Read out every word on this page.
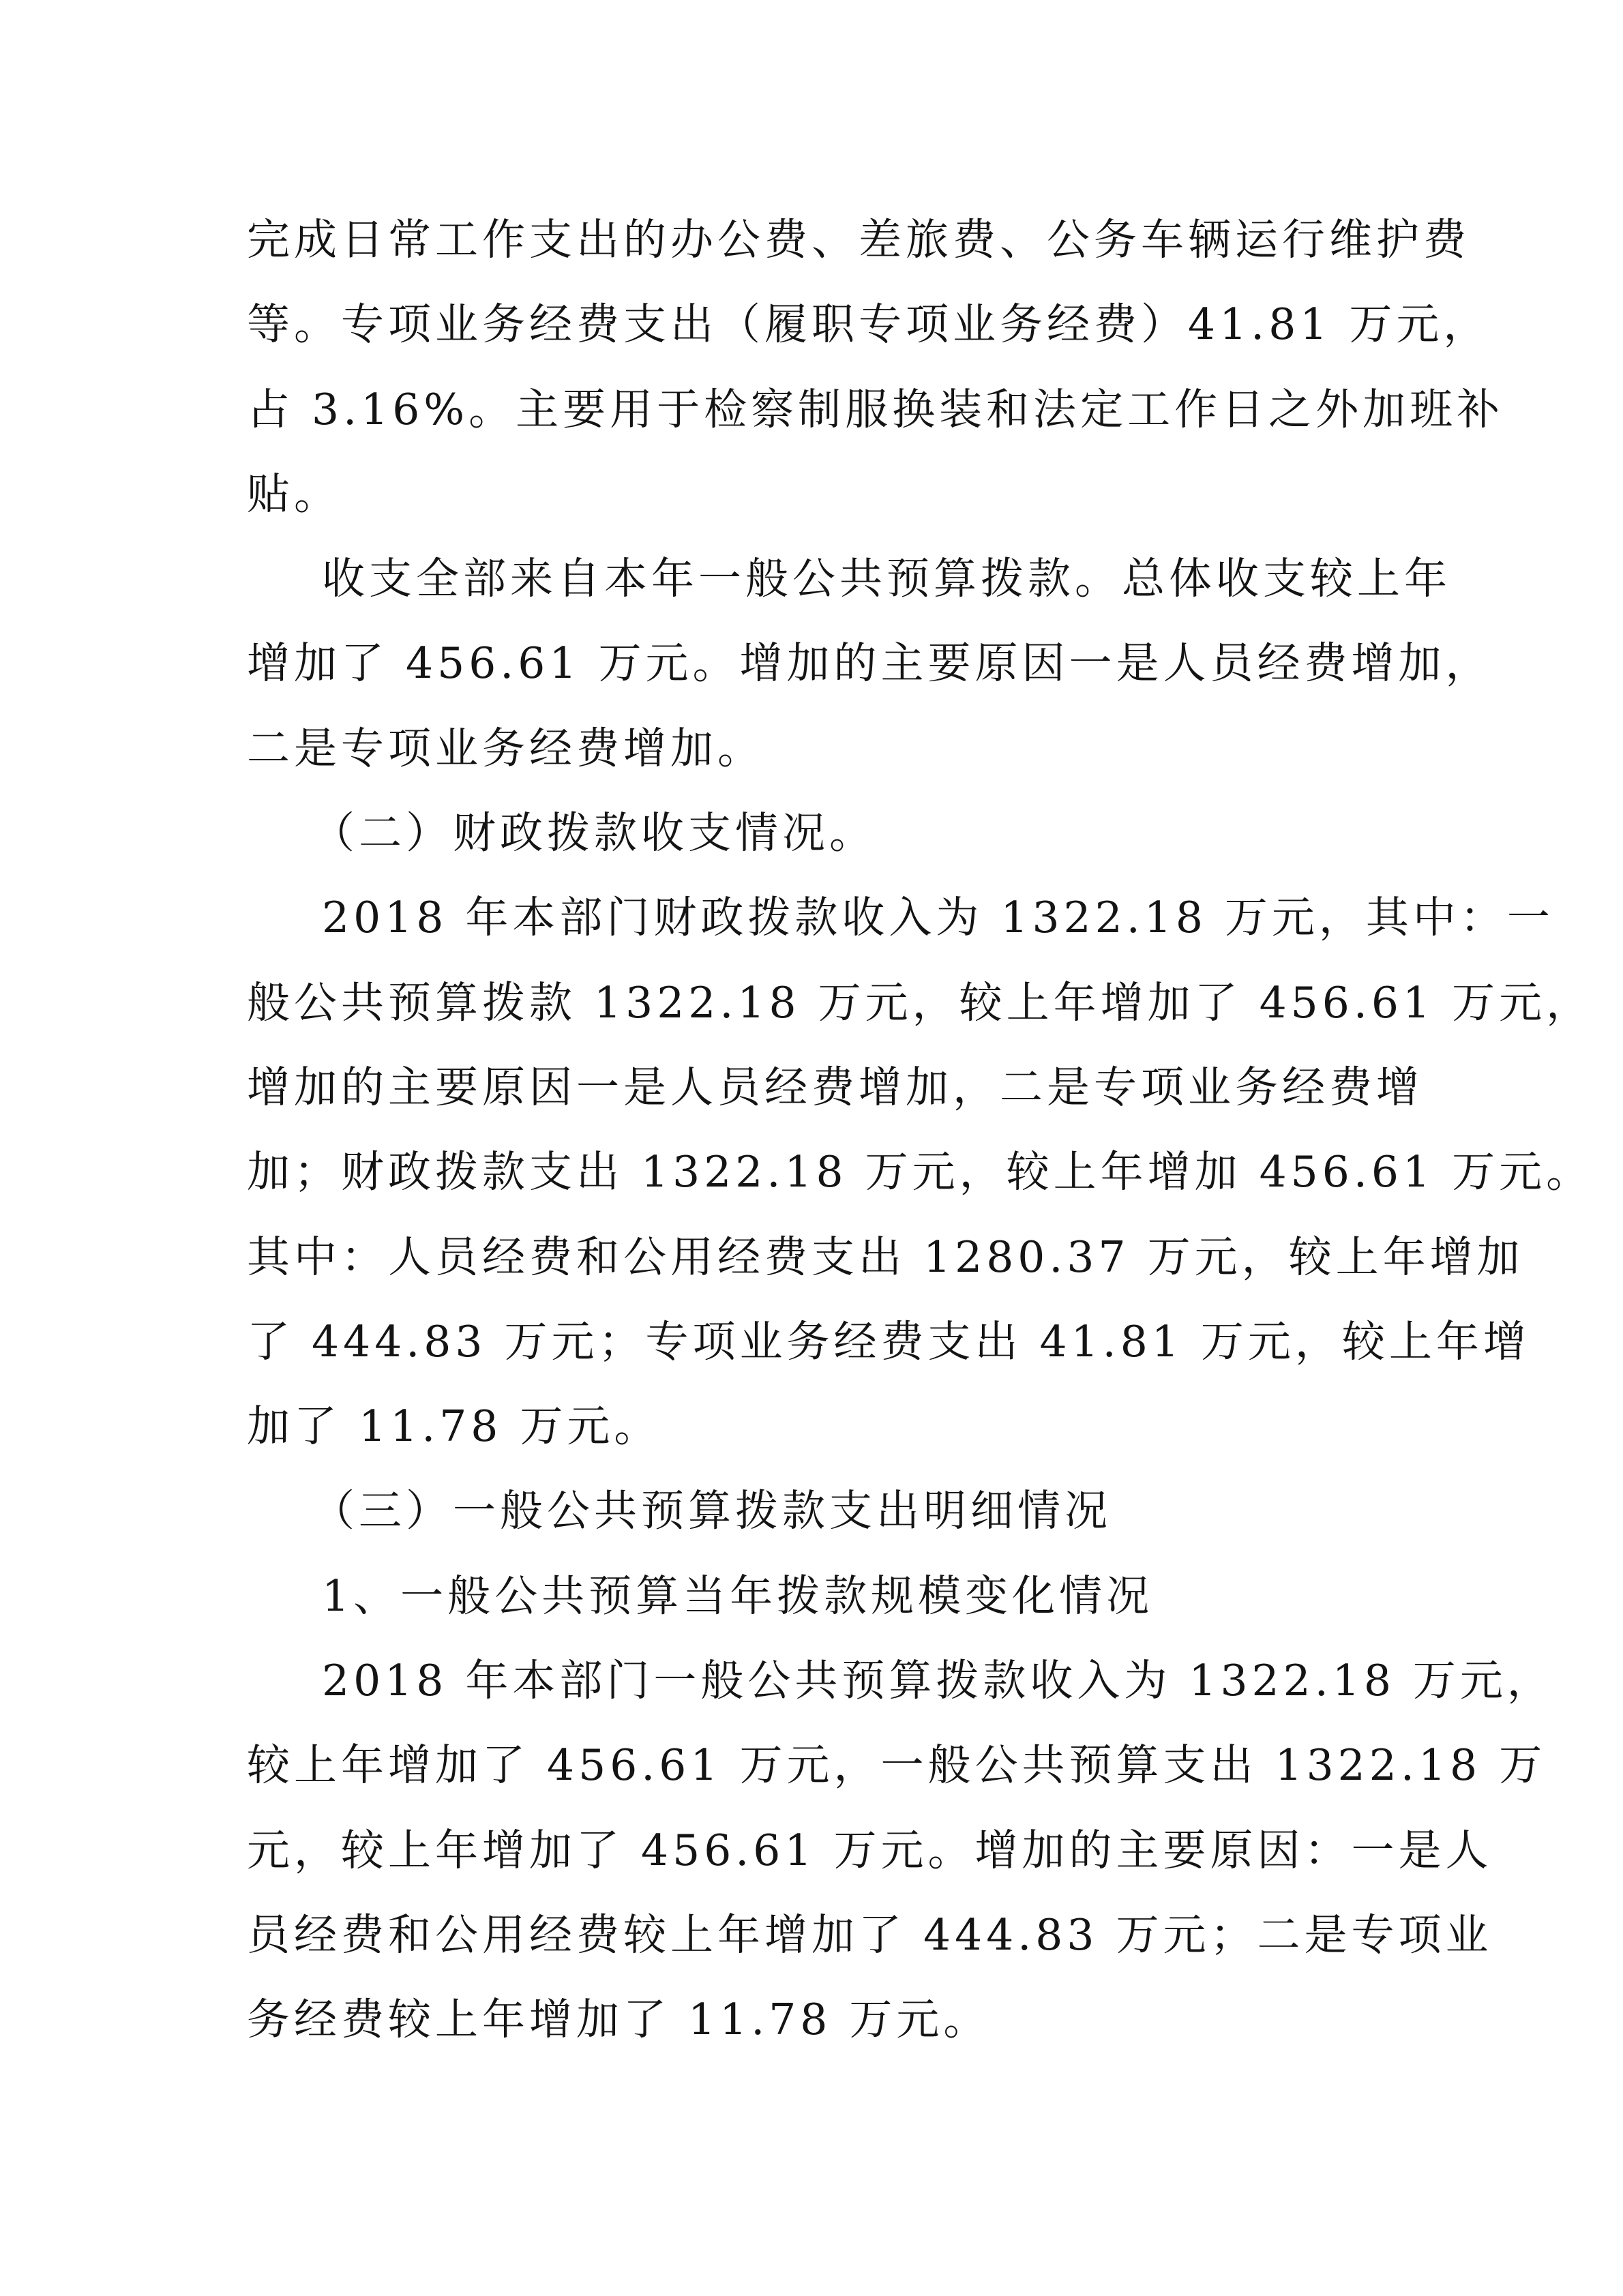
完成日常工作支出的办公费、差旅费、公务车辆运行维护费
等。专项业务经费支出（履职专项业务经费）41.81 万元，
占 3.16%。主要用于检察制服换装和法定工作日之外加班补
贴。

收支全部来自本年一般公共预算拨款。总体收支较上年
增加了 456.61 万元。增加的主要原因一是人员经费增加，
二是专项业务经费增加。

（二）财政拨款收支情况。

2018 年本部门财政拨款收入为 1322.18 万元，其中：一
般公共预算拨款 1322.18 万元，较上年增加了 456.61 万元，
增加的主要原因一是人员经费增加，二是专项业务经费增
加；财政拨款支出 1322.18 万元，较上年增加 456.61 万元。
其中：人员经费和公用经费支出 1280.37 万元，较上年增加
了 444.83 万元；专项业务经费支出 41.81 万元，较上年增
加了 11.78 万元。

（三）一般公共预算拨款支出明细情况

1、一般公共预算当年拨款规模变化情况

2018 年本部门一般公共预算拨款收入为 1322.18 万元，
较上年增加了 456.61 万元，一般公共预算支出 1322.18 万
元，较上年增加了 456.61 万元。增加的主要原因：一是人
员经费和公用经费较上年增加了 444.83 万元；二是专项业
务经费较上年增加了 11.78 万元。
